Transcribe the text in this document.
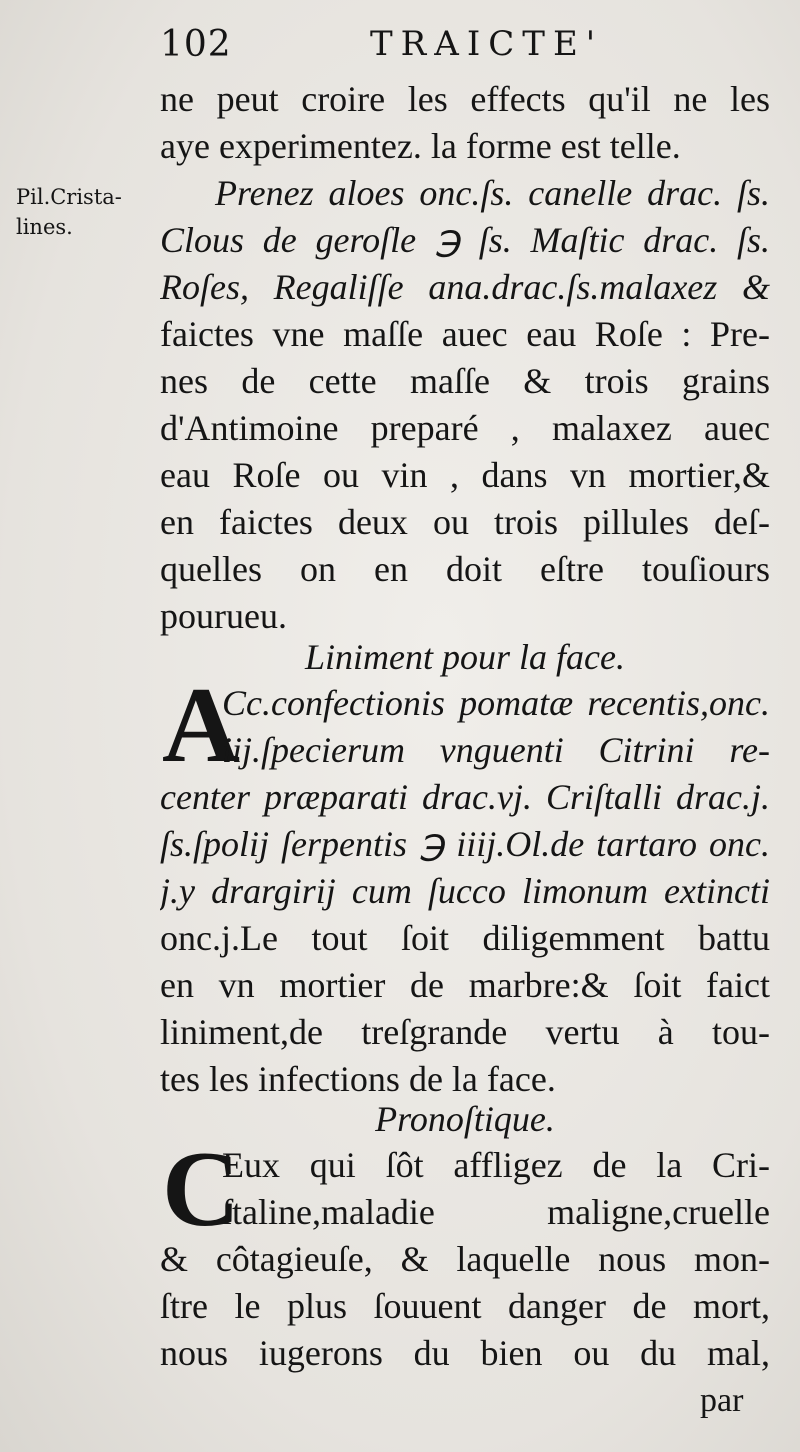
102	TRAICTE'
Pil.Crista-
lines.
ne peut croire les effects qu'il ne les
aye experimentez. la forme est telle.
Prenez aloes onc.ſs. canelle drac. ſs.
Clous de geroſle ℈ ſs. Maſtic drac. ſs.
Roſes, Regaliſſe ana.drac.ſs.malaxez &
faictes vne maſſe auec eau Roſe : Pre-
nes de cette maſſe & trois grains
d'Antimoine preparé , malaxez auec
eau Roſe ou vin , dans vn mortier,&
en faictes deux ou trois pillules deſ-
quelles on en doit eſtre touſiours
pourueu.
Liniment pour la face.
A
Cc.confectionis pomatæ recentis,onc.
iij.ſpecierum vnguenti Citrini re-
center præparati drac.vj. Criſtalli drac.j.
ſs.ſpolij ſerpentis ℈ iiij.Ol.de tartaro onc.
j.y drargirij cum ſucco limonum extincti
onc.j.Le tout ſoit diligemment battu
en vn mortier de marbre:& ſoit faict
liniment,de treſgrande vertu à tou-
tes les infections de la face.
Pronoſtique.
C
Eux qui ſôt affligez de la Cri-
ſtaline,maladie maligne,cruelle
& côtagieuſe, & laquelle nous mon-
ſtre le plus ſouuent danger de mort,
nous iugerons du bien ou du mal,
par
